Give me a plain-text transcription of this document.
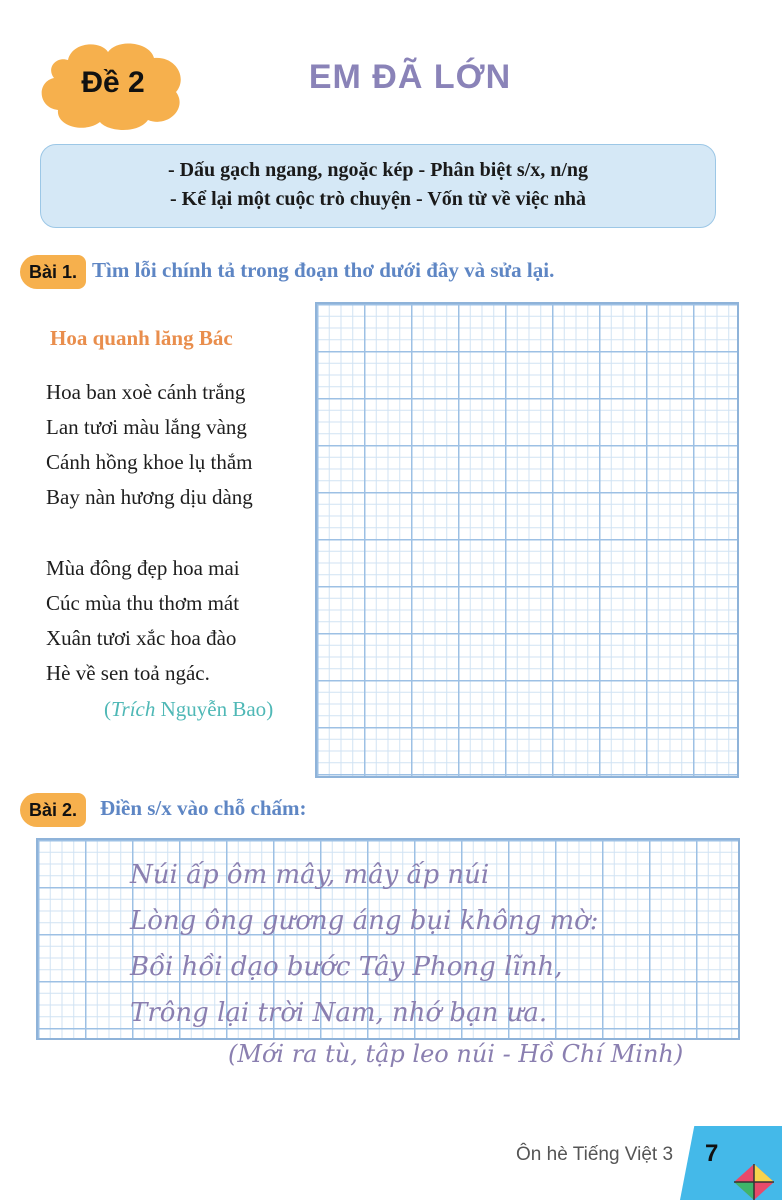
Đề 2	EM ĐÃ LỚN
- Dấu gạch ngang, ngoặc kép - Phân biệt s/x, n/ng
- Kể lại một cuộc trò chuyện - Vốn từ về việc nhà
Bài 1. Tìm lỗi chính tả trong đoạn thơ dưới đây và sửa lại.
Hoa quanh lăng Bác
Hoa ban xoè cánh trắng
Lan tươi màu lắng vàng
Cánh hồng khoe lụ thắm
Bay nàn hương dịu dàng
Mùa đông đẹp hoa mai
Cúc mùa thu thơm mát
Xuân tươi xắc hoa đào
Hè về sen toả ngác.
(Trích Nguyễn Bao)
Bài 2.	Điền s/x vào chỗ chấm:
Núi ấp ôm mây, mây ấp núi
Lòng ông gương áng bụi không mờ:
Bồi hồi dạo bước Tây Phong lĩnh,
Trông lại trời Nam, nhớ bạn ưa.
(Mới ra tù, tập leo núi - Hồ Chí Minh)
Ôn hè Tiếng Việt 3 7
